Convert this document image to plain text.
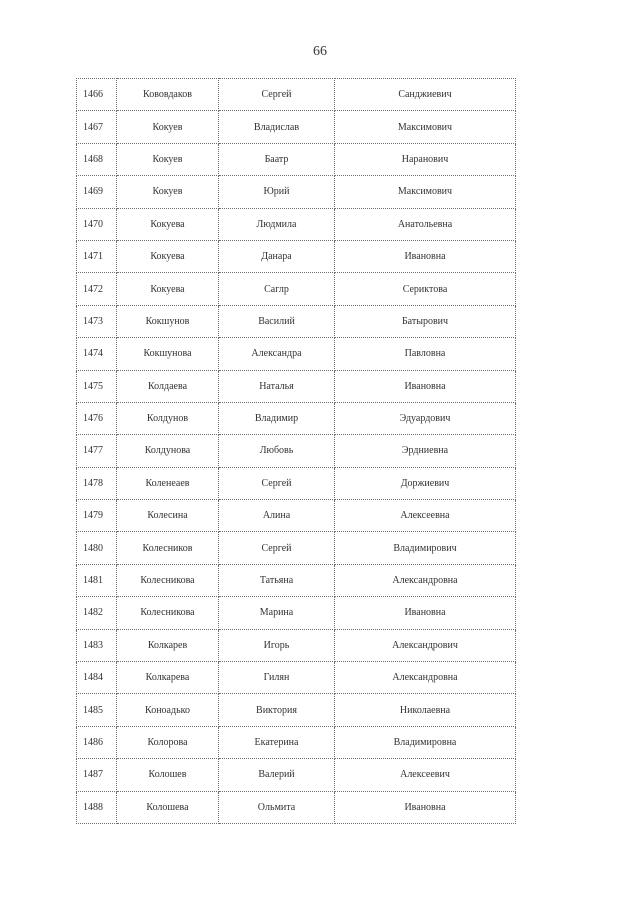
66
1466	Кововдаков	Сергей	Санджиевич
1467	Кокуев	Владислав	Максимович
1468	Кокуев	Баатр	Наранович
1469	Кокуев	Юрий	Максимович
1470	Кокуева	Людмила	Анатольевна
1471	Кокуева	Данара	Ивановна
1472	Кокуева	Саглр	Сериктова
1473	Кокшунов	Василий	Батырович
1474	Кокшунова	Александра	Павловна
1475	Колдаева	Наталья	Ивановна
1476	Колдунов	Владимир	Эдуардович
1477	Колдунова	Любовь	Эрдниевна
1478	Коленеаев	Сергей	Доржиевич
1479	Колесина	Алина	Алексеевна
1480	Колесников	Сергей	Владимирович
1481	Колесникова	Татьяна	Александровна
1482	Колесникова	Марина	Ивановна
1483	Колкарев	Игорь	Александрович
1484	Колкарева	Гилян	Александровна
1485	Коноадько	Виктория	Николаевна
1486	Колорова	Екатерина	Владимировна
1487	Колошев	Валерий	Алексеевич
1488	Колошева	Ольмита	Ивановна
